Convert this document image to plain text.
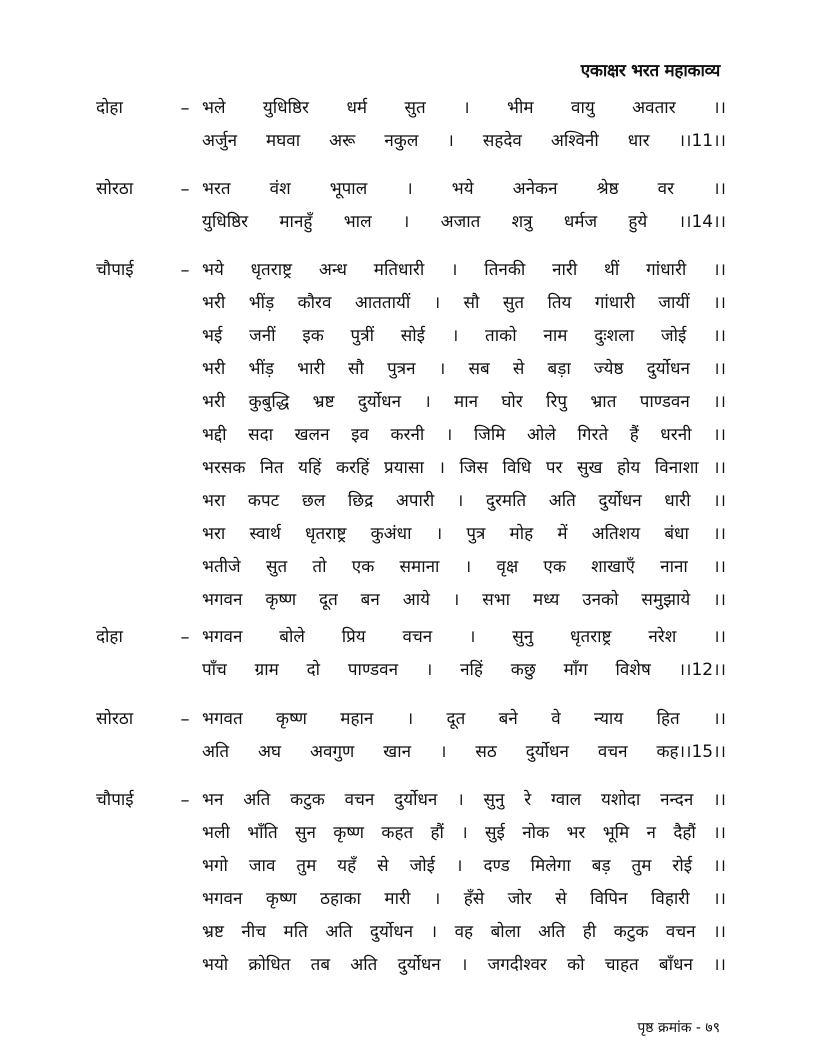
एकाक्षर भरत महाकाव्य
दोहा	– भले युधिष्ठिर धर्म सुत । भीम वायु अवतार ।।
अर्जुन मघवा अरू नकुल । सहदेव अश्विनी धार ।।11।।
सोरठा	– भरत वंश भूपाल । भये अनेकन श्रेष्ठ वर ।।
युधिष्ठिर मानहुँ भाल । अजात शत्रु धर्मज हुये ।।14।।
चौपाई	– भये धृतराष्ट्र अन्ध मतिधारी । तिनकी नारी थीं गांधारी ।।
भरी भींड़ कौरव आततायीं । सौ सुत तिय गांधारी जायीं ।।
भई जनीं इक पुत्रीं सोई । ताको नाम दुःशला जोई ।।
भरी भींड़ भारी सौ पुत्रन । सब से बड़ा ज्येष्ठ दुर्योधन ।।
भरी कुबुद्धि भ्रष्ट दुर्योधन । मान घोर रिपु भ्रात पाण्डवन ।।
भद्दी सदा खलन इव करनी । जिमि ओले गिरते हैं धरनी ।।
भरसक नित यहिं करहिं प्रयासा । जिस विधि पर सुख होय विनाशा ।।
भरा कपट छल छिद्र अपारी । दुरमति अति दुर्योधन धारी ।।
भरा स्वार्थ धृतराष्ट्र कुअंधा । पुत्र मोह में अतिशय बंधा ।।
भतीजे सुत तो एक समाना । वृक्ष एक शाखाएँ नाना ।।
भगवन कृष्ण दूत बन आये । सभा मध्य उनको समुझाये ।।
दोहा	– भगवन बोले प्रिय वचन । सुनु धृतराष्ट्र नरेश ।।
पाँच ग्राम दो पाण्डवन । नहिं कछु माँग विशेष ।।12।।
सोरठा	– भगवत कृष्ण महान । दूत बने वे न्याय हित ।।
अति अघ अवगुण खान । सठ दुर्योधन वचन कह।।15।।
चौपाई	– भन अति कटुक वचन दुर्योधन । सुनु रे ग्वाल यशोदा नन्दन ।।
भली भाँति सुन कृष्ण कहत हौं । सुई नोक भर भूमि न दैहौं ।।
भगो जाव तुम यहँ से जोई । दण्ड मिलेगा बड़ तुम रोई ।।
भगवन कृष्ण ठहाका मारी । हँसे जोर से विपिन विहारी ।।
भ्रष्ट नीच मति अति दुर्योधन । वह बोला अति ही कटुक वचन ।।
भयो क्रोधित तब अति दुर्योधन । जगदीश्वर को चाहत बाँधन ।।
पृष्ठ क्रमांक - ७९
